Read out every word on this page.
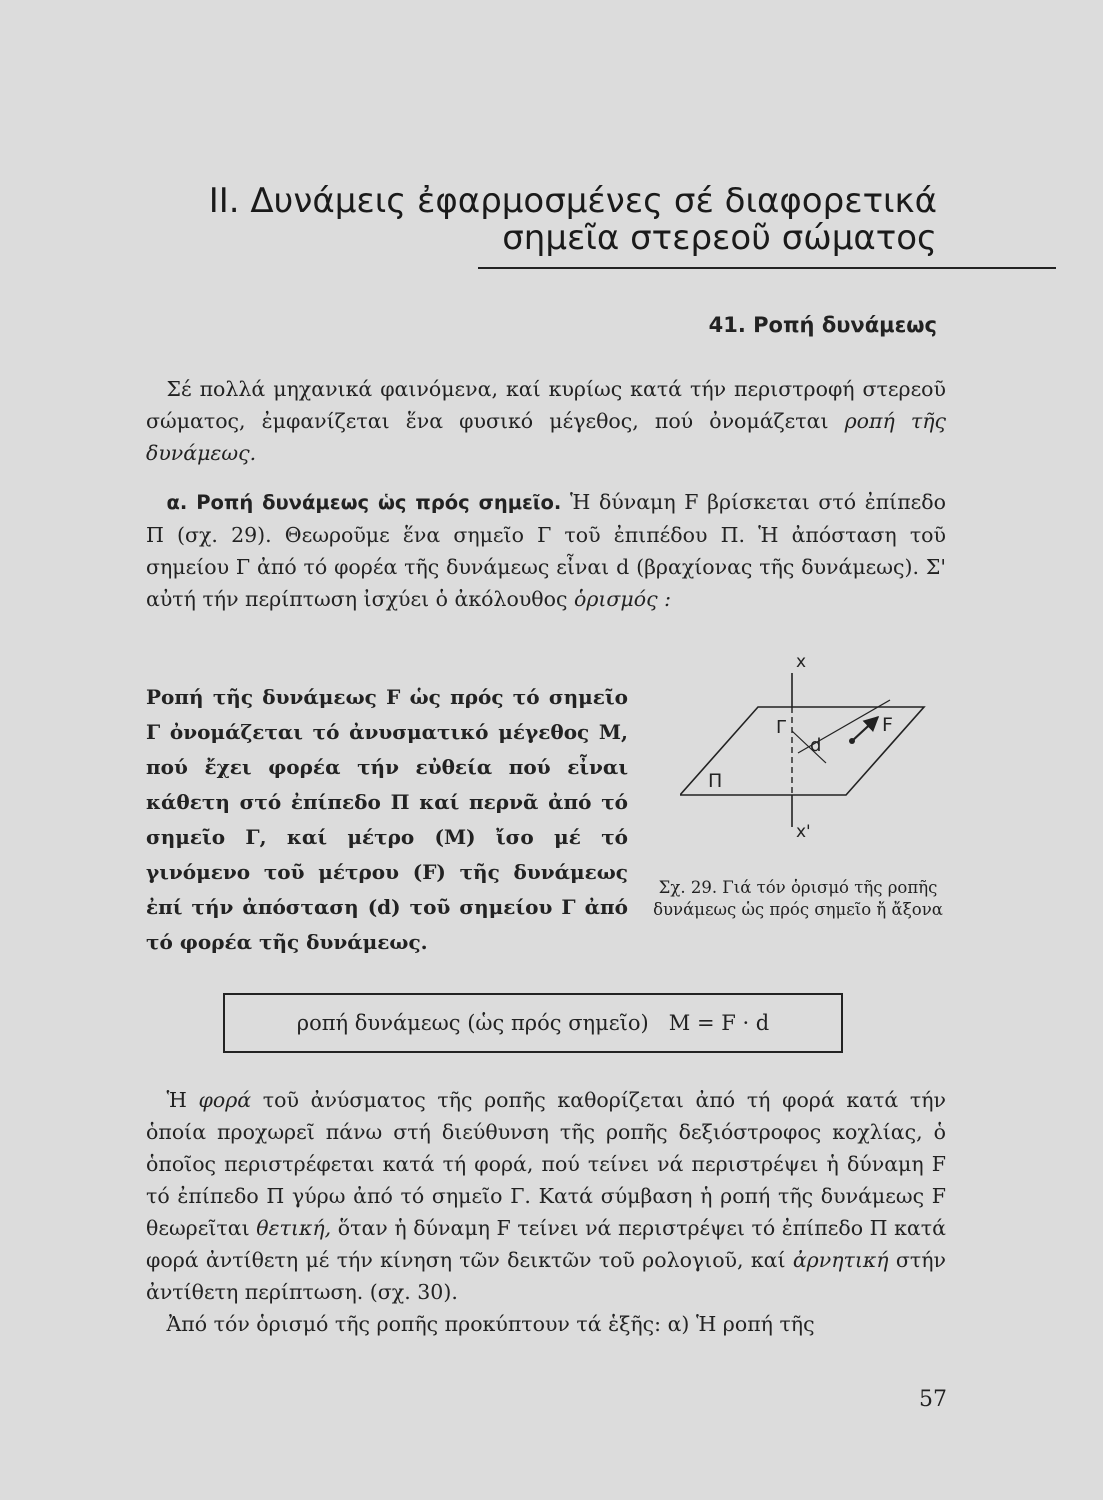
ΙΙ. Δυνάμεις ἐφαρμοσμένες σέ διαφορετικά
σημεῖα στερεοῦ σώματος
41. Ροπή δυνάμεως

 Σέ πολλά μηχανικά φαινόμενα, καί κυρίως κατά τήν περιστροφή στερεοῦ σώματος, ἐμφανίζεται ἕνα φυσικό μέγεθος, πού ὀνομάζεται ροπή τῆς δυνάμεως.

 α. Ροπή δυνάμεως ὡς πρός σημεῖο. Ἡ δύναμη F βρίσκεται στό ἐπίπεδο Π (σχ. 29). Θεωροῦμε ἕνα σημεῖο Γ τοῦ ἐπιπέδου Π. Ἡ ἀπόσταση τοῦ σημείου Γ ἀπό τό φορέα τῆς δυνάμεως εἶναι d (βραχίονας τῆς δυνάμεως). Σ' αὐτή τήν περίπτωση ἰσχύει ὁ ἀκόλουθος ὁρισμός :

Ροπή τῆς δυνάμεως F ὡς πρός τό σημεῖο Γ ὀνομάζεται τό ἀνυσματικό μέγεθος M, πού ἔχει φορέα τήν εὐθεία πού εἶναι κάθετη στό ἐπίπεδο Π καί περνᾶ ἀπό τό σημεῖο Γ, καί μέτρο (M) ἴσο μέ τό γινόμενο τοῦ μέτρου (F) τῆς δυνάμεως ἐπί τήν ἀπόσταση (d) τοῦ σημείου Γ ἀπό τό φορέα τῆς δυνάμεως.
x
x'
Γ
d
F
Π
Σχ. 29. Γιά τόν ὁρισμό τῆς ροπῆς δυνάμεως ὡς πρός σημεῖο ἤ ἄξονα
ροπή δυνάμεως (ὡς πρός σημεῖο)
M = F · d

 Ἡ φορά τοῦ ἀνύσματος τῆς ροπῆς καθορίζεται ἀπό τή φορά κατά τήν ὁποία προχωρεῖ πάνω στή διεύθυνση τῆς ροπῆς δεξιόστροφος κοχλίας, ὁ ὁποῖος περιστρέφεται κατά τή φορά, πού τείνει νά περιστρέψει ἡ δύναμη F τό ἐπίπεδο Π γύρω ἀπό τό σημεῖο Γ. Κατά σύμβαση ἡ ροπή τῆς δυνάμεως F θεωρεῖται θετική, ὅταν ἡ δύναμη F τείνει νά περιστρέψει τό ἐπίπεδο Π κατά φορά ἀντίθετη μέ τήν κίνηση τῶν δεικτῶν τοῦ ρολογιοῦ, καί ἀρνητική στήν ἀντίθετη περίπτωση. (σχ. 30).

 Ἀπό τόν ὁρισμό τῆς ροπῆς προκύπτουν τά ἑξῆς: α) Ἡ ροπή τῆς

57
